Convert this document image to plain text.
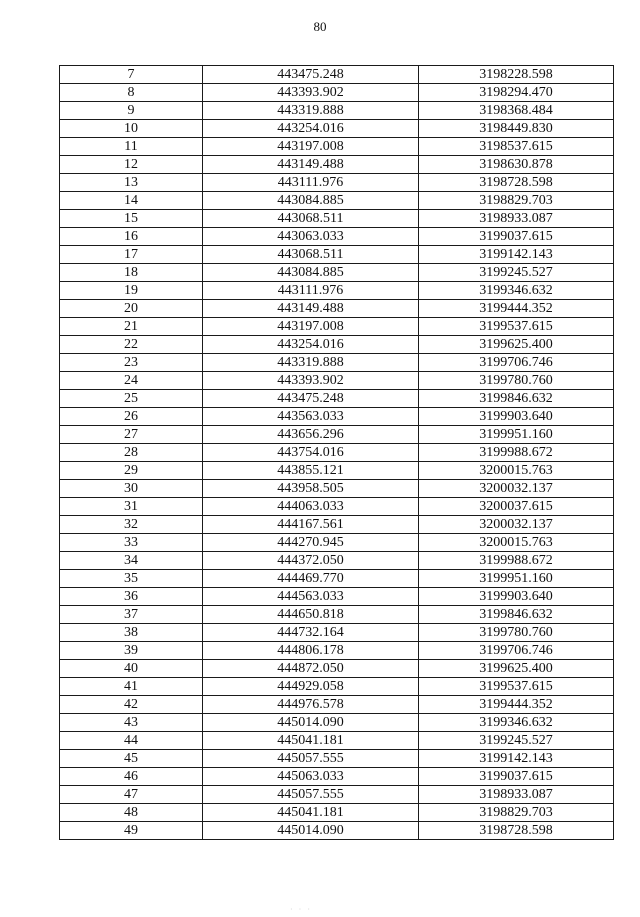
80
7	443475.248	3198228.598
8	443393.902	3198294.470
9	443319.888	3198368.484
10	443254.016	3198449.830
11	443197.008	3198537.615
12	443149.488	3198630.878
13	443111.976	3198728.598
14	443084.885	3198829.703
15	443068.511	3198933.087
16	443063.033	3199037.615
17	443068.511	3199142.143
18	443084.885	3199245.527
19	443111.976	3199346.632
20	443149.488	3199444.352
21	443197.008	3199537.615
22	443254.016	3199625.400
23	443319.888	3199706.746
24	443393.902	3199780.760
25	443475.248	3199846.632
26	443563.033	3199903.640
27	443656.296	3199951.160
28	443754.016	3199988.672
29	443855.121	3200015.763
30	443958.505	3200032.137
31	444063.033	3200037.615
32	444167.561	3200032.137
33	444270.945	3200015.763
34	444372.050	3199988.672
35	444469.770	3199951.160
36	444563.033	3199903.640
37	444650.818	3199846.632
38	444732.164	3199780.760
39	444806.178	3199706.746
40	444872.050	3199625.400
41	444929.058	3199537.615
42	444976.578	3199444.352
43	445014.090	3199346.632
44	445041.181	3199245.527
45	445057.555	3199142.143
46	445063.033	3199037.615
47	445057.555	3198933.087
48	445041.181	3198829.703
49	445014.090	3198728.598
· · ·
